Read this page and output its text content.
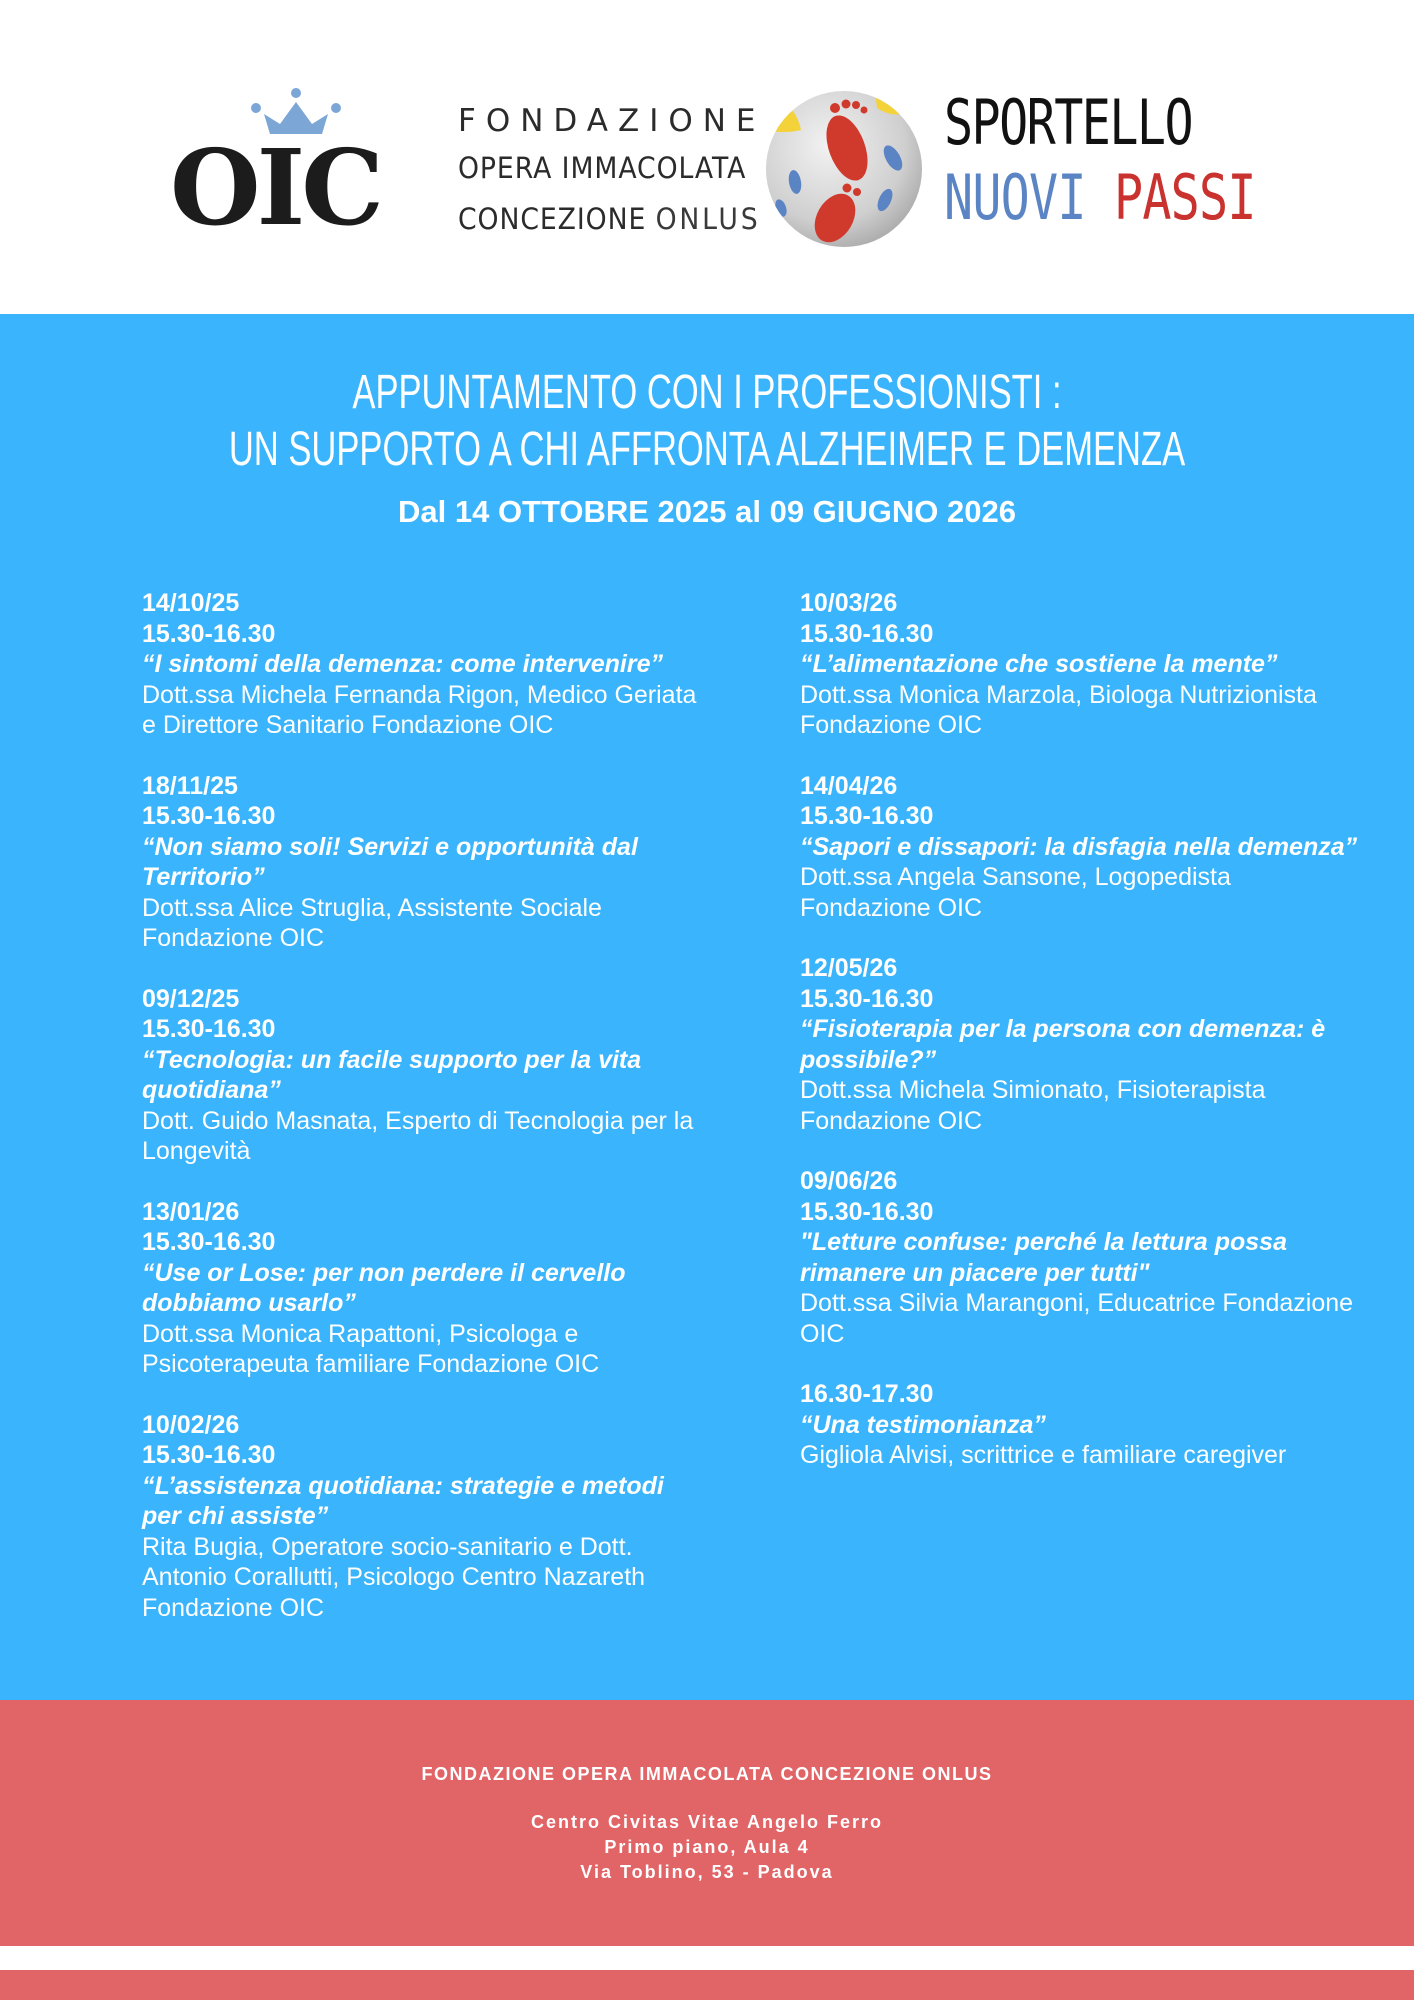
OIC
FONDAZIONE
OPERA IMMACOLATA
CONCEZIONE ONLUS
SPORTELLO
NUOVI PASSI
APPUNTAMENTO CON I PROFESSIONISTI :
UN SUPPORTO A CHI AFFRONTA ALZHEIMER E DEMENZA
Dal 14 OTTOBRE 2025 al 09 GIUGNO 2026
14/10/25
15.30-16.30
“I sintomi della demenza: come intervenire”
Dott.ssa Michela Fernanda Rigon, Medico Geriata e Direttore Sanitario Fondazione OIC
18/11/25
15.30-16.30
“Non siamo soli! Servizi e opportunità dal Territorio”
Dott.ssa Alice Struglia, Assistente Sociale Fondazione OIC
09/12/25
15.30-16.30
“Tecnologia: un facile supporto per la vita quotidiana”
Dott. Guido Masnata, Esperto di Tecnologia per la Longevità
13/01/26
15.30-16.30
“Use or Lose: per non perdere il cervello dobbiamo usarlo”
Dott.ssa Monica Rapattoni, Psicologa e Psicoterapeuta familiare Fondazione OIC
10/02/26
15.30-16.30
“L’assistenza quotidiana: strategie e metodi per chi assiste”
Rita Bugia, Operatore socio-sanitario e Dott. Antonio Corallutti, Psicologo Centro Nazareth Fondazione OIC
10/03/26
15.30-16.30
“L’alimentazione che sostiene la mente”
Dott.ssa Monica Marzola, Biologa Nutrizionista Fondazione OIC
14/04/26
15.30-16.30
“Sapori e dissapori: la disfagia nella demenza”
Dott.ssa Angela Sansone, Logopedista Fondazione OIC
12/05/26
15.30-16.30
“Fisioterapia per la persona con demenza: è possibile?”
Dott.ssa Michela Simionato, Fisioterapista Fondazione OIC
09/06/26
15.30-16.30
"Letture confuse: perché la lettura possa rimanere un piacere per tutti"
Dott.ssa Silvia Marangoni, Educatrice Fondazione OIC
16.30-17.30
“Una testimonianza”
Gigliola Alvisi, scrittrice e familiare caregiver
FONDAZIONE OPERA IMMACOLATA CONCEZIONE ONLUS
Centro Civitas Vitae Angelo Ferro
Primo piano, Aula 4
Via Toblino, 53 - Padova
